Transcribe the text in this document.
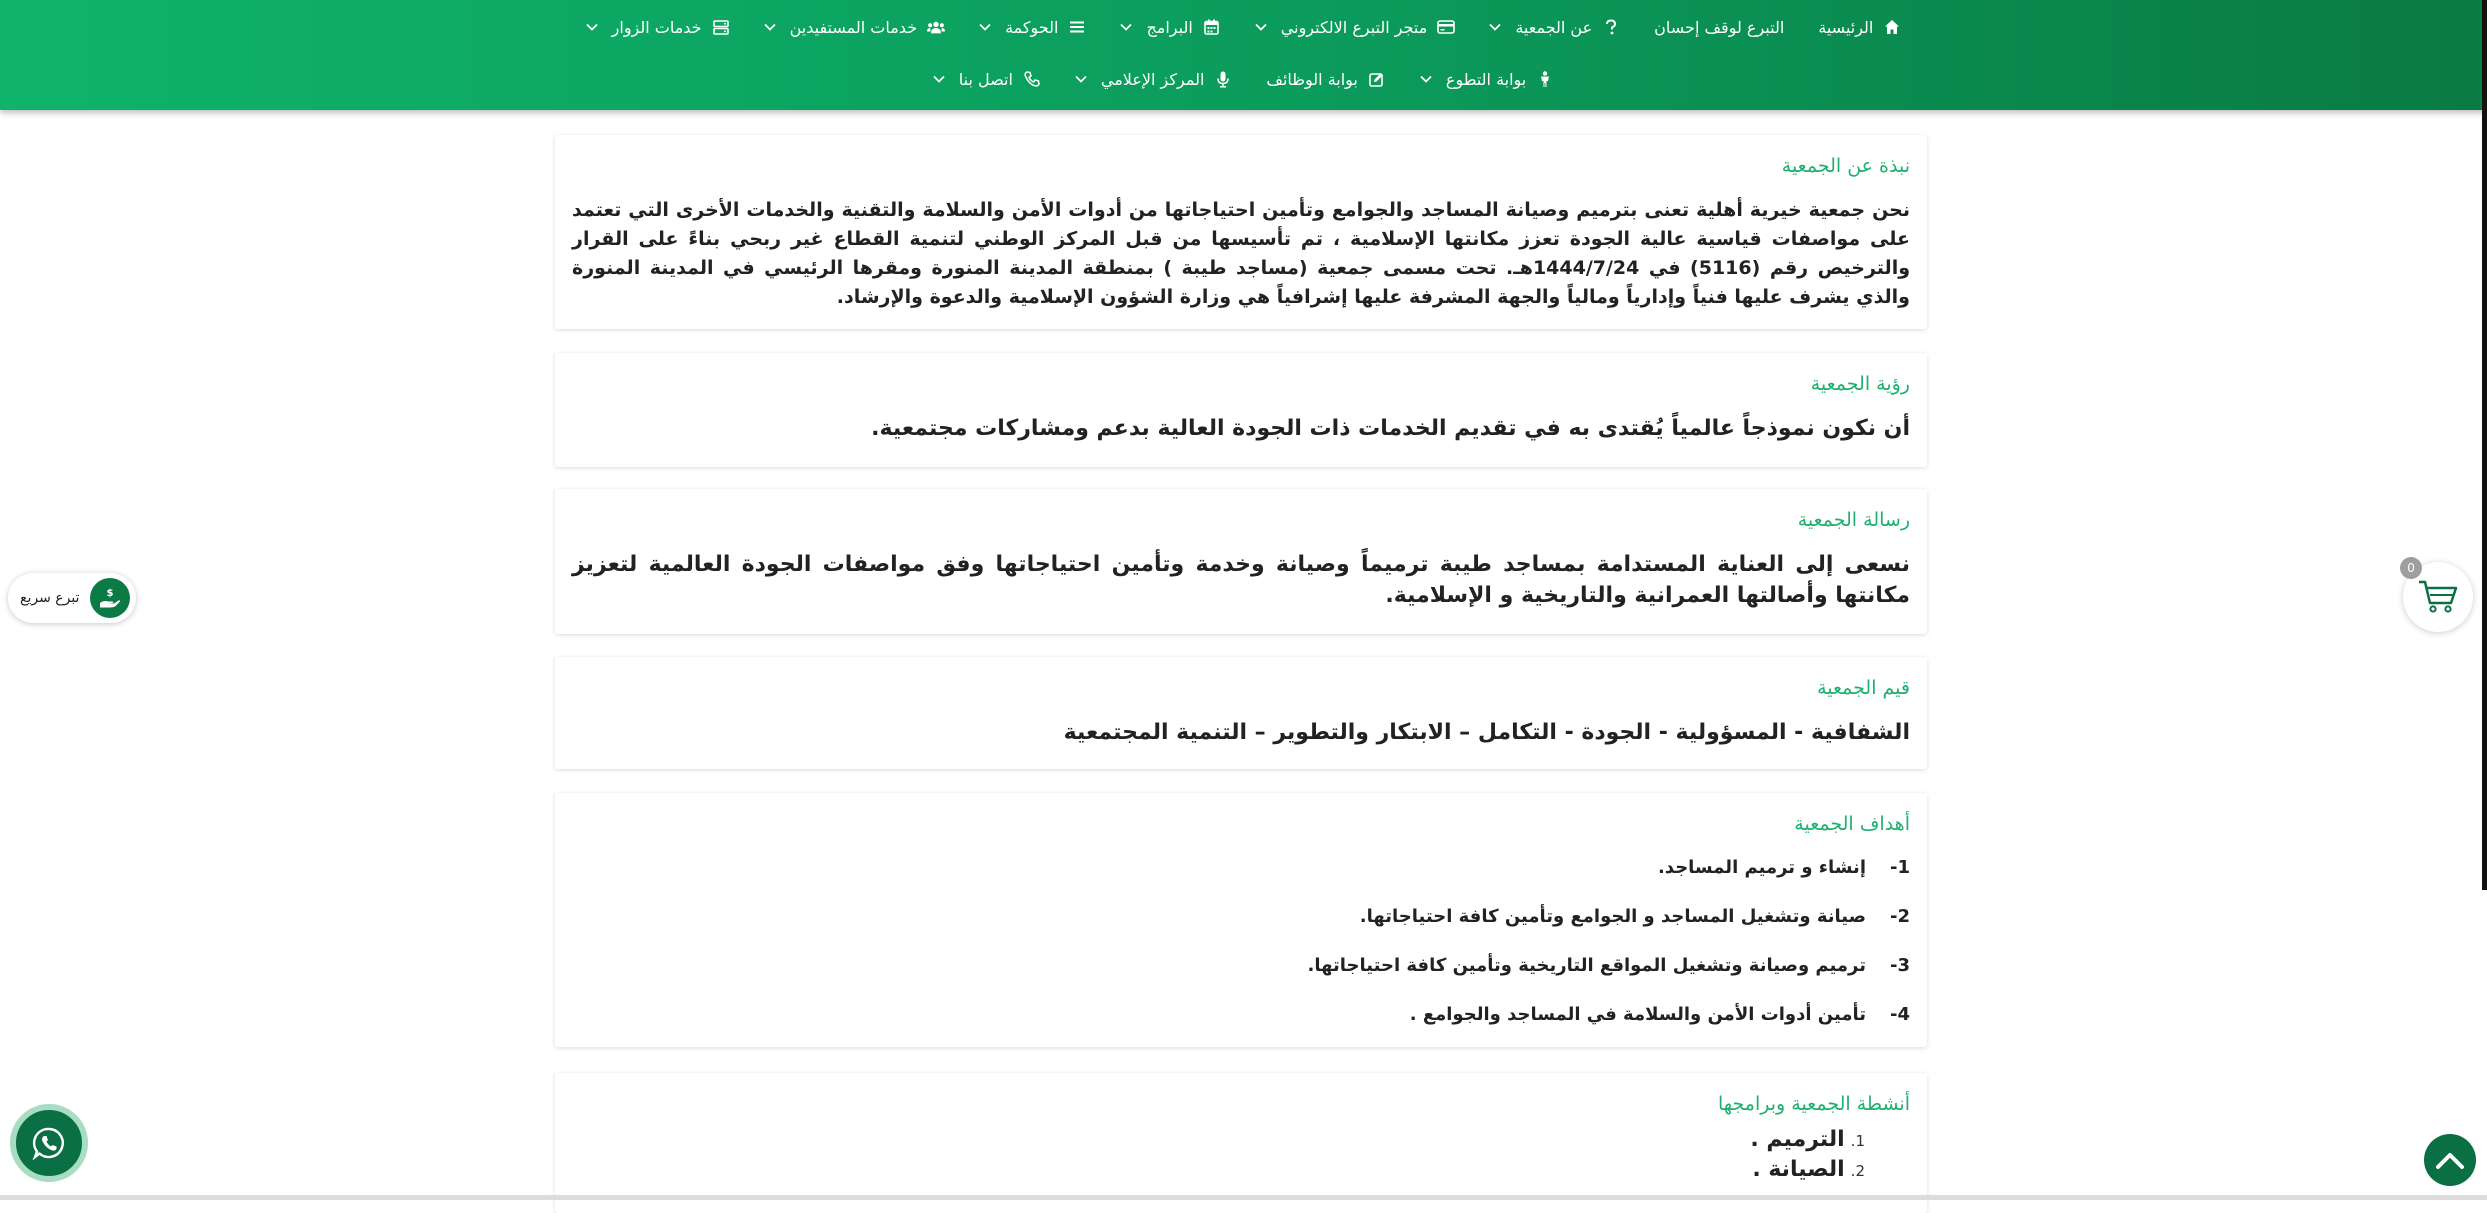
الرئيسية
التبرع لوقف إحسان
عن الجمعية
متجر التبرع الالكتروني
البرامج
الحوكمة
خدمات المستفيدين
خدمات الزوار
بوابة التطوع
بوابة الوظائف
المركز الإعلامي
اتصل بنا
نبذة عن الجمعية
نحن جمعية خيرية أهلية تعنى بترميم وصيانة المساجد والجوامع وتأمين احتياجاتها من أدوات الأمن والسلامة والتقنية والخدمات الأخرى التي تعتمد على مواصفات قياسية عالية الجودة تعزز مكانتها الإسلامية ، تم تأسيسها من قبل المركز الوطني لتنمية القطاع غير ربحي بناءً على القرار والترخيص رقم (5116) في 1444/7/24هـ. تحت مسمى جمعية (مساجد طيبة ) بمنطقة المدينة المنورة ومقرها الرئيسي في المدينة المنورة والذي يشرف عليها فنياً وإدارياً ومالياً والجهة المشرفة عليها إشرافياً هي وزارة الشؤون الإسلامية والدعوة والإرشاد.
رؤية الجمعية
أن نكون نموذجاً عالمياً يُقتدى به في تقديم الخدمات ذات الجودة العالية بدعم ومشاركات مجتمعية.
رسالة الجمعية
نسعى إلى العناية المستدامة بمساجد طيبة ترميماً وصيانة وخدمة وتأمين احتياجاتها وفق مواصفات الجودة العالمية لتعزيز مكانتها وأصالتها العمرانية والتاريخية و الإسلامية.
قيم الجمعية
الشفافية - المسؤولية - الجودة - التكامل – الابتكار والتطوير – التنمية المجتمعية
أهداف الجمعية
1-
إنشاء و ترميم المساجد.
2-
صيانة وتشغيل المساجد و الجوامع وتأمين كافة احتياجاتها.
3-
ترميم وصيانة وتشغيل المواقع التاريخية وتأمين كافة احتياجاتها.
4-
تأمين أدوات الأمن والسلامة في المساجد والجوامع .
أنشطة الجمعية وبرامجها
1.
الترميم .
2.
الصيانة .
تبرع سريع	$
0
